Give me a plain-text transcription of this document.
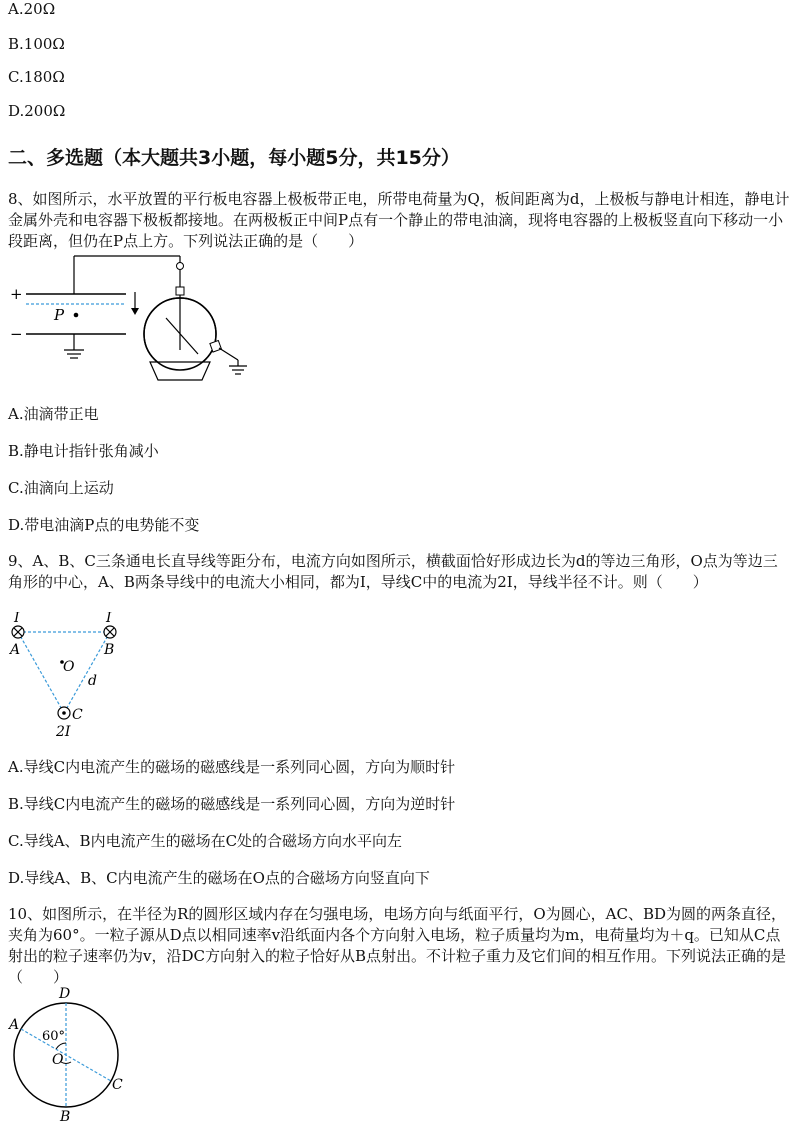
A.20Ω
B.100Ω
C.180Ω
D.200Ω
二、多选题（本大题共3小题，每小题5分，共15分）
8、如图所示，水平放置的平行板电容器上极板带正电，所带电荷量为Q，板间距离为d，上极板与静电计相连，静电计金属外壳和电容器下极板都接地。在两极板正中间P点有一个静止的带电油滴，现将电容器的上极板竖直向下移动一小段距离，但仍在P点上方。下列说法正确的是（　　）
+
−
P
A.油滴带正电
B.静电计指针张角减小
C.油滴向上运动
D.带电油滴P点的电势能不变
9、A、B、C三条通电长直导线等距分布，电流方向如图所示，横截面恰好形成边长为d的等边三角形，O点为等边三角形的中心，A、B两条导线中的电流大小相同，都为I，导线C中的电流为2I，导线半径不计。则（　　）
I	I
A	B
O
d
C
2I
A.导线C内电流产生的磁场的磁感线是一系列同心圆，方向为顺时针
B.导线C内电流产生的磁场的磁感线是一系列同心圆，方向为逆时针
C.导线A、B内电流产生的磁场在C处的合磁场方向水平向左
D.导线A、B、C内电流产生的磁场在O点的合磁场方向竖直向下
10、如图所示，在半径为R的圆形区域内存在匀强电场，电场方向与纸面平行，O为圆心，AC、BD为圆的两条直径，夹角为60°。一粒子源从D点以相同速率v沿纸面内各个方向射入电场，粒子质量均为m，电荷量均为＋q。已知从C点射出的粒子速率仍为v，沿DC方向射入的粒子恰好从B点射出。不计粒子重力及它们间的相互作用。下列说法正确的是（　　）
D
A
60°
O
C
B
